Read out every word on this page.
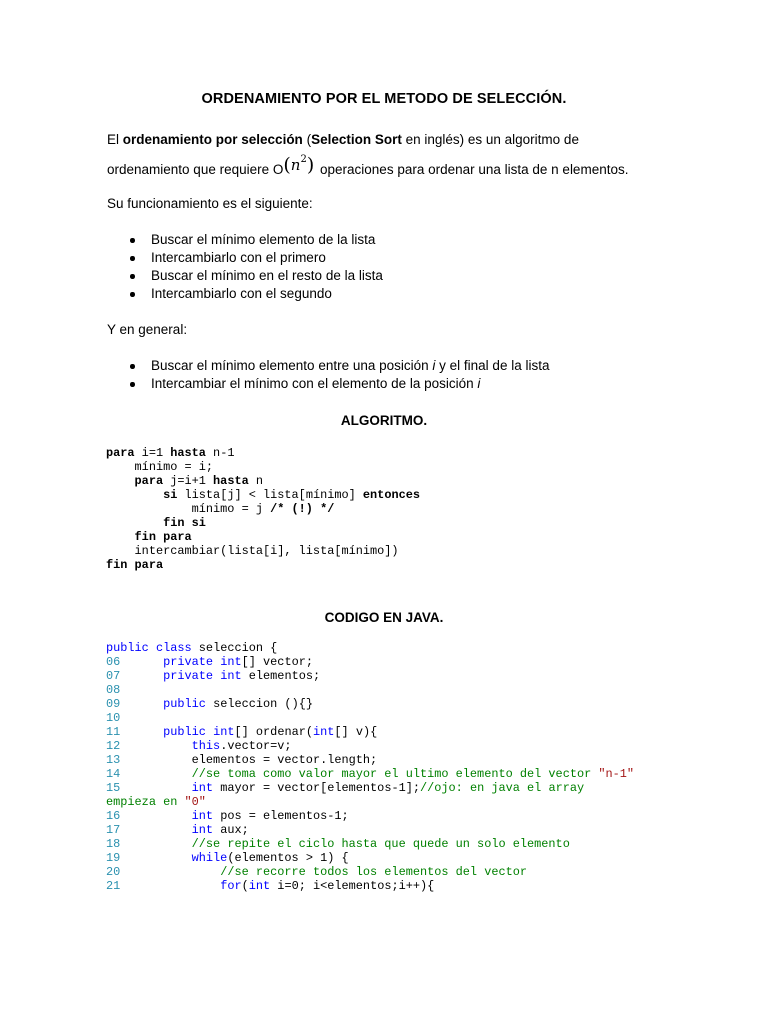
ORDENAMIENTO POR EL METODO DE SELECCIÓN.
El ordenamiento por selección (Selection Sort en inglés) es un algoritmo de
ordenamiento que requiere $O(n^2)$ operaciones para ordenar una lista de n elementos.
Su funcionamiento es el siguiente:
Buscar el mínimo elemento de la lista
Intercambiarlo con el primero
Buscar el mínimo en el resto de la lista
Intercambiarlo con el segundo
Y en general:
Buscar el mínimo elemento entre una posición i y el final de la lista
Intercambiar el mínimo con el elemento de la posición i
ALGORITMO.
para i=1 hasta n-1
mínimo = i;
para j=i+1 hasta n
si lista[j] < lista[mínimo] entonces
mínimo = j /* (!) */
fin si
fin para
intercambiar(lista[i], lista[mínimo])
fin para
CODIGO EN JAVA.
public class seleccion {
06	private int[] vector;
07	private int elementos;
08
09	public seleccion (){}
10
11	public int[] ordenar(int[] v){
12	this.vector=v;
13          elementos = vector.length;
14	//se toma como valor mayor el ultimo elemento del vector "n-1"
15	int mayor = vector[elementos-1];//ojo: en java el array
empieza en "0"
16	int pos = elementos-1;
17	int aux;
18	//se repite el ciclo hasta que quede un solo elemento
19	while(elementos > 1) {
20	//se recorre todos los elementos del vector
21	for(int i=0; i<elementos;i++){
